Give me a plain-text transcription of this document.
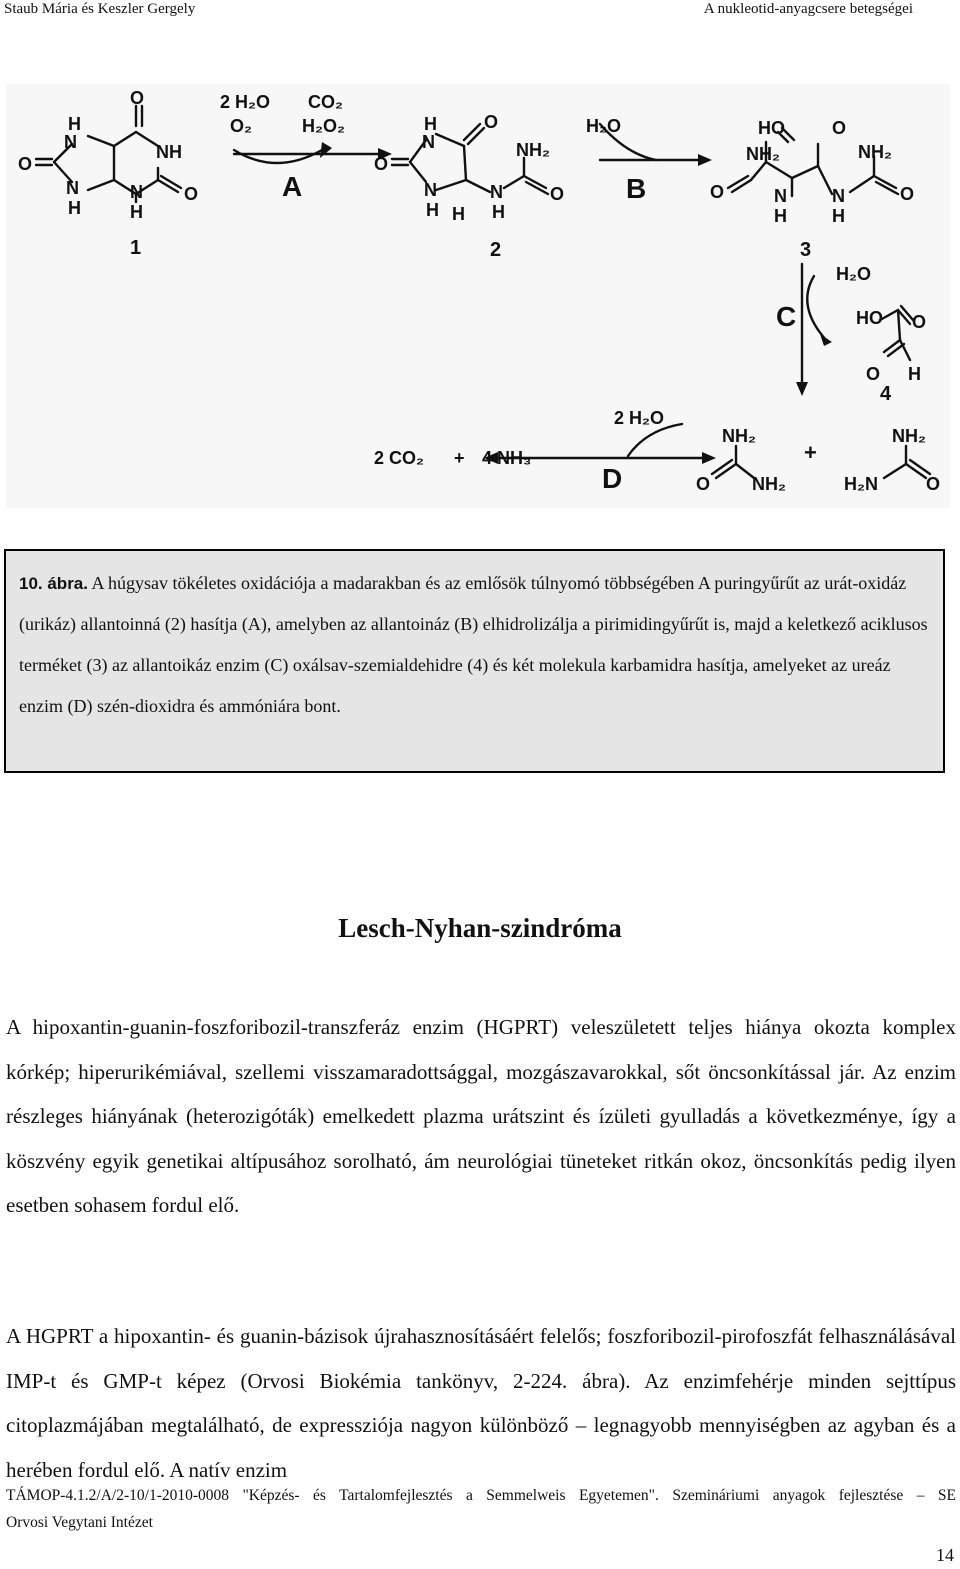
Staub Mária és Keszler Gergely	A nukleotid-anyagcsere betegségei
O
H
N	NH
O
O
N
H
N
H
H
N
O
O
N
H H
N
H
NH₂
O
HO	O
NH₂	NH₂
O	N
H
N
H
O
HO O
O H
NH₂
O NH₂
NH₂
O
H₂N
2 H₂O
O₂
CO₂
H₂O₂	H₂O
H₂O
2 H₂O
2 CO₂ + 4 NH₃	+
A	B
C
D
1	2	3
4

10. ábra. A húgysav tökéletes oxidációja a madarakban és az emlősök túlnyomó többségében A puringyűrűt az urát-oxidáz (urikáz) allantoinná (2) hasítja (A), amelyben az allantoináz (B) elhidrolizálja a pirimidingyűrűt is, majd a keletkező aciklusos terméket (3) az allantoikáz enzim (C) oxálsav-szemialdehidre (4) és két molekula karbamidra hasítja, amelyeket az ureáz enzim (D) szén-dioxidra és ammóniára bont.

Lesch-Nyhan-szindróma

A hipoxantin-guanin-foszforibozil-transzferáz enzim (HGPRT) veleszületett teljes hiánya okozta komplex kórkép; hiperurikémiával, szellemi visszamaradottsággal, mozgászavarokkal, sőt öncsonkítással jár. Az enzim részleges hiányának (heterozigóták) emelkedett plazma urátszint és ízületi gyulladás a következménye, így a köszvény egyik genetikai altípusához sorolható, ám neurológiai tüneteket ritkán okoz, öncsonkítás pedig ilyen esetben sohasem fordul elő.

A HGPRT a hipoxantin- és guanin-bázisok újrahasznosításáért felelős; foszforibozil-pirofoszfát felhasználásával IMP-t és GMP-t képez (Orvosi Biokémia tankönyv, 2-224. ábra). Az enzimfehérje minden sejttípus citoplazmájában megtalálható, de expressziója nagyon különböző – legnagyobb mennyiségben az agyban és a herében fordul elő. A natív enzim

TÁMOP-4.1.2/A/2-10/1-2010-0008 "Képzés- és Tartalomfejlesztés a Semmelweis Egyetemen". Szemináriumi anyagok fejlesztése – SE
Orvosi Vegytani Intézet
14
